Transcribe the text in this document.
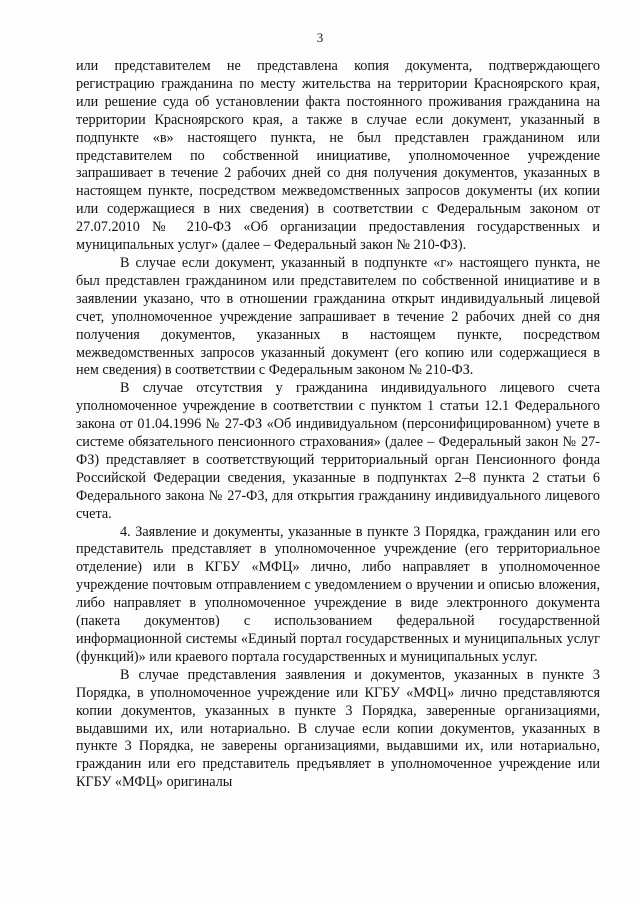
3

или представителем не представлена копия документа, подтверждающего регистрацию гражданина по месту жительства на территории Красноярского края, или решение суда об установлении факта постоянного проживания гражданина на территории Красноярского края, а также в случае если документ, указанный в подпункте «в» настоящего пункта, не был представлен гражданином или представителем по собственной инициативе, уполномоченное учреждение запрашивает в течение 2 рабочих дней со дня получения документов, указанных в настоящем пункте, посредством межведомственных запросов документы (их копии или содержащиеся в них сведения) в соответствии с Федеральным законом от 27.07.2010 № 210-ФЗ «Об организации предоставления государственных и муниципальных услуг» (далее – Федеральный закон № 210-ФЗ).

В случае если документ, указанный в подпункте «г» настоящего пункта, не был представлен гражданином или представителем по собственной инициативе и в заявлении указано, что в отношении гражданина открыт индивидуальный лицевой счет, уполномоченное учреждение запрашивает в течение 2 рабочих дней со дня получения документов, указанных в настоящем пункте, посредством межведомственных запросов указанный документ (его копию или содержащиеся в нем сведения) в соответствии с Федеральным законом № 210-ФЗ.

В случае отсутствия у гражданина индивидуального лицевого счета уполномоченное учреждение в соответствии с пунктом 1 статьи 12.1 Федерального закона от 01.04.1996 № 27-ФЗ «Об индивидуальном (персонифицированном) учете в системе обязательного пенсионного страхования» (далее – Федеральный закон № 27-ФЗ) представляет в соответствующий территориальный орган Пенсионного фонда Российской Федерации сведения, указанные в подпунктах 2–8 пункта 2 статьи 6 Федерального закона № 27-ФЗ, для открытия гражданину индивидуального лицевого счета.

4. Заявление и документы, указанные в пункте 3 Порядка, гражданин или его представитель представляет в уполномоченное учреждение (его территориальное отделение) или в КГБУ «МФЦ» лично, либо направляет в уполномоченное учреждение почтовым отправлением с уведомлением о вручении и описью вложения, либо направляет в уполномоченное учреждение в виде электронного документа (пакета документов) с использованием федеральной государственной информационной системы «Единый портал государственных и муниципальных услуг (функций)» или краевого портала государственных и муниципальных услуг.

В случае представления заявления и документов, указанных в пункте 3 Порядка, в уполномоченное учреждение или КГБУ «МФЦ» лично представляются копии документов, указанных в пункте 3 Порядка, заверенные организациями, выдавшими их, или нотариально. В случае если копии документов, указанных в пункте 3 Порядка, не заверены организациями, выдавшими их, или нотариально, гражданин или его представитель предъявляет в уполномоченное учреждение или КГБУ «МФЦ» оригиналы
